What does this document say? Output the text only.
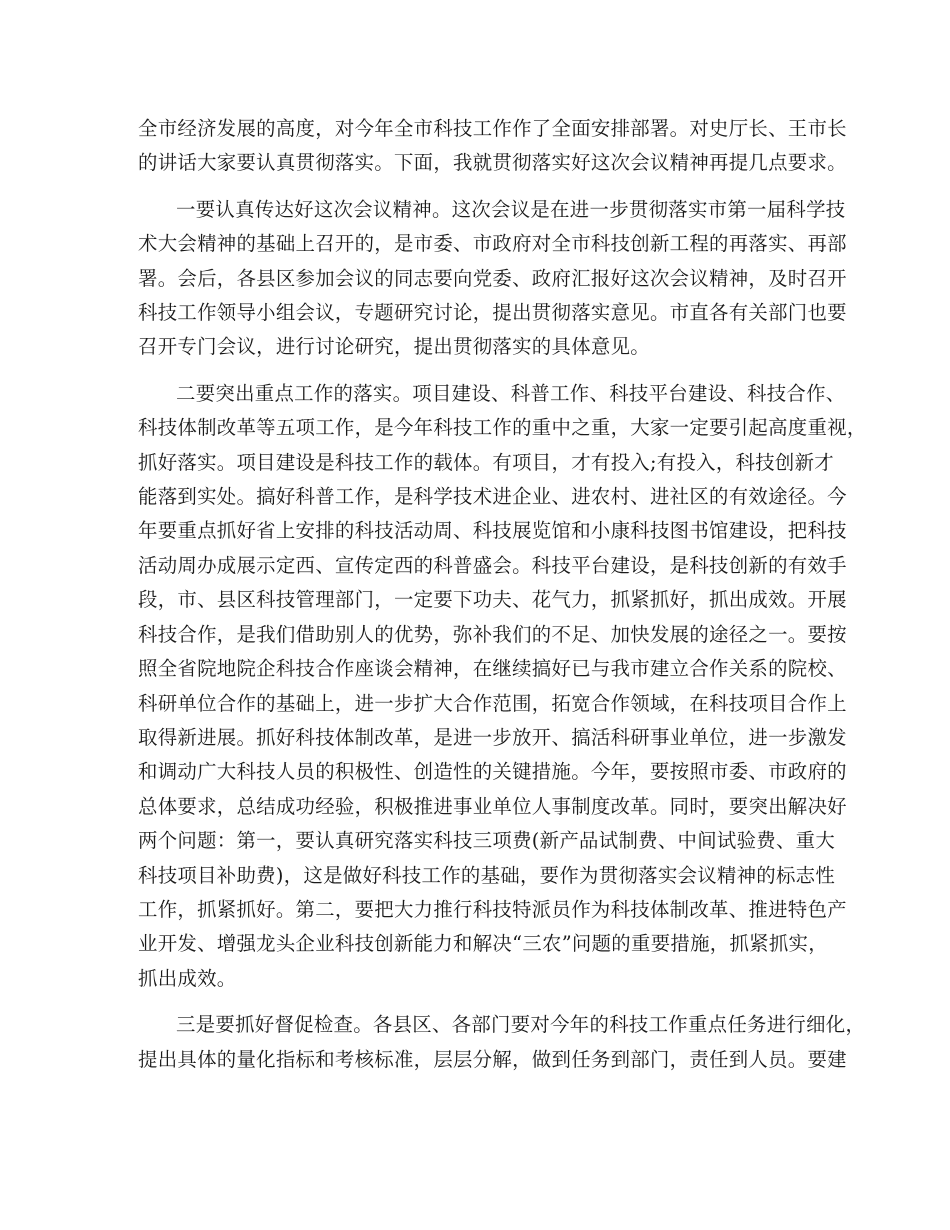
全市经济发展的高度，对今年全市科技工作作了全面安排部署。对史厅长、王市长
的讲话大家要认真贯彻落实。下面，我就贯彻落实好这次会议精神再提几点要求。
一要认真传达好这次会议精神。这次会议是在进一步贯彻落实市第一届科学技
术大会精神的基础上召开的，是市委、市政府对全市科技创新工程的再落实、再部
署。会后，各县区参加会议的同志要向党委、政府汇报好这次会议精神，及时召开
科技工作领导小组会议，专题研究讨论，提出贯彻落实意见。市直各有关部门也要
召开专门会议，进行讨论研究，提出贯彻落实的具体意见。
二要突出重点工作的落实。项目建设、科普工作、科技平台建设、科技合作、
科技体制改革等五项工作，是今年科技工作的重中之重，大家一定要引起高度重视，
抓好落实。项目建设是科技工作的载体。有项目，才有投入;有投入，科技创新才
能落到实处。搞好科普工作，是科学技术进企业、进农村、进社区的有效途径。今
年要重点抓好省上安排的科技活动周、科技展览馆和小康科技图书馆建设，把科技
活动周办成展示定西、宣传定西的科普盛会。科技平台建设，是科技创新的有效手
段，市、县区科技管理部门，一定要下功夫、花气力，抓紧抓好，抓出成效。开展
科技合作，是我们借助别人的优势，弥补我们的不足、加快发展的途径之一。要按
照全省院地院企科技合作座谈会精神，在继续搞好已与我市建立合作关系的院校、
科研单位合作的基础上，进一步扩大合作范围，拓宽合作领域，在科技项目合作上
取得新进展。抓好科技体制改革，是进一步放开、搞活科研事业单位，进一步激发
和调动广大科技人员的积极性、创造性的关键措施。今年，要按照市委、市政府的
总体要求，总结成功经验，积极推进事业单位人事制度改革。同时，要突出解决好
两个问题：第一，要认真研究落实科技三项费(新产品试制费、中间试验费、重大
科技项目补助费)，这是做好科技工作的基础，要作为贯彻落实会议精神的标志性
工作，抓紧抓好。第二，要把大力推行科技特派员作为科技体制改革、推进特色产
业开发、增强龙头企业科技创新能力和解决“三农”问题的重要措施，抓紧抓实，
抓出成效。
三是要抓好督促检查。各县区、各部门要对今年的科技工作重点任务进行细化，
提出具体的量化指标和考核标准，层层分解，做到任务到部门，责任到人员。要建
